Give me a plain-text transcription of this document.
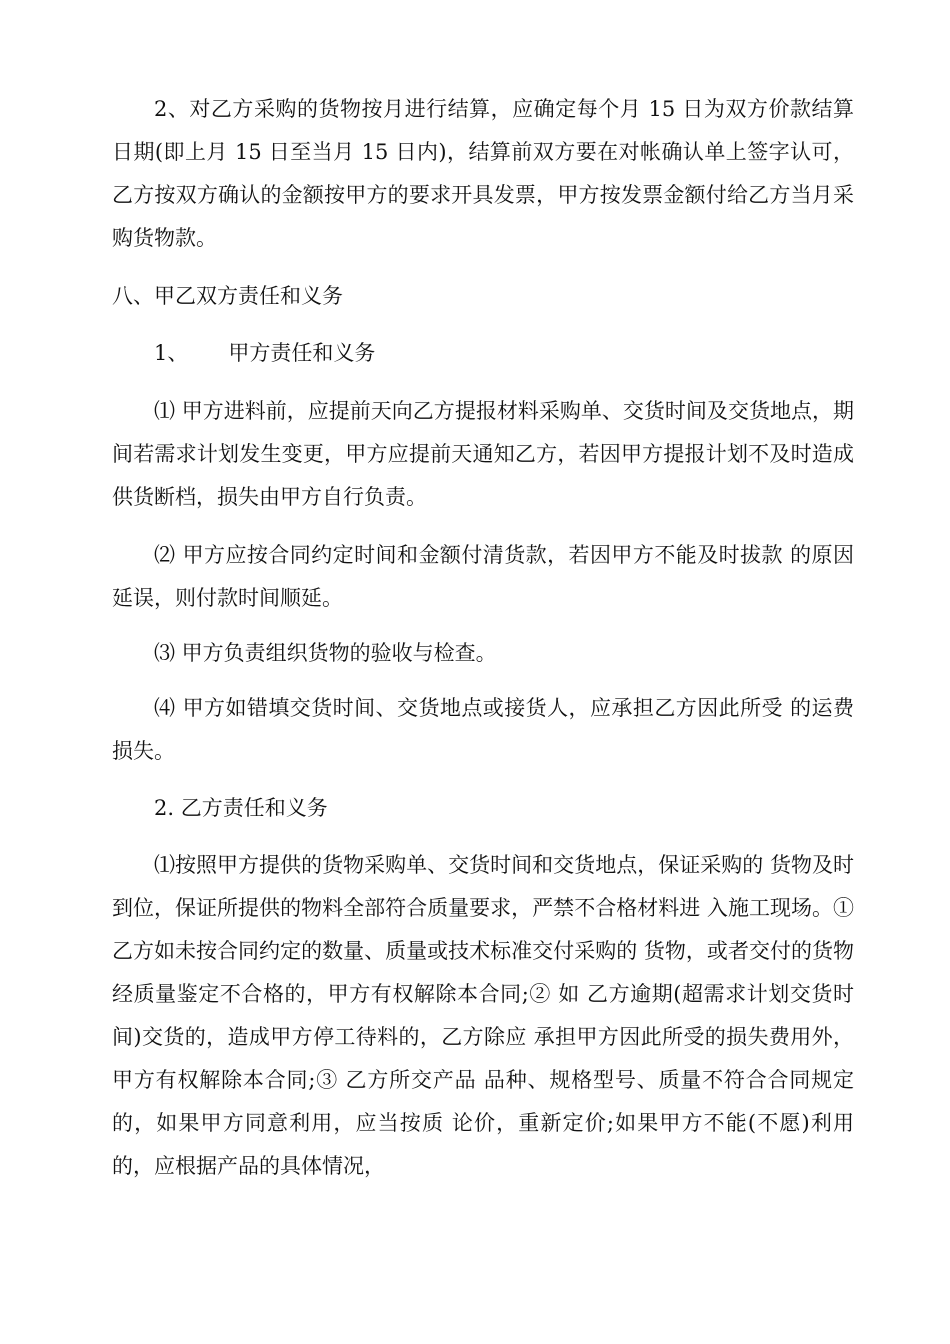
2、对乙方采购的货物按月进行结算，应确定每个月 15 日为双方价款结算日期(即上月 15 日至当月 15 日内)，结算前双方要在对帐确认单上签字认可，乙方按双方确认的金额按甲方的要求开具发票，甲方按发票金额付给乙方当月采购货物款。

八、甲乙双方责任和义务

1、      甲方责任和义务

⑴ 甲方进料前，应提前天向乙方提报材料采购单、交货时间及交货地点，期间若需求计划发生变更，甲方应提前天通知乙方，若因甲方提报计划不及时造成供货断档，损失由甲方自行负责。

⑵ 甲方应按合同约定时间和金额付清货款，若因甲方不能及时拔款 的原因延误，则付款时间顺延。

⑶ 甲方负责组织货物的验收与检查。

⑷ 甲方如错填交货时间、交货地点或接货人，应承担乙方因此所受 的运费损失。

2. 乙方责任和义务

⑴按照甲方提供的货物采购单、交货时间和交货地点，保证采购的 货物及时到位，保证所提供的物料全部符合质量要求，严禁不合格材料进 入施工现场。①乙方如未按合同约定的数量、质量或技术标准交付采购的 货物，或者交付的货物经质量鉴定不合格的，甲方有权解除本合同;② 如 乙方逾期(超需求计划交货时间)交货的，造成甲方停工待料的，乙方除应 承担甲方因此所受的损失费用外，甲方有权解除本合同;③ 乙方所交产品 品种、规格型号、质量不符合合同规定的，如果甲方同意利用，应当按质 论价，重新定价;如果甲方不能(不愿)利用的，应根据产品的具体情况，
